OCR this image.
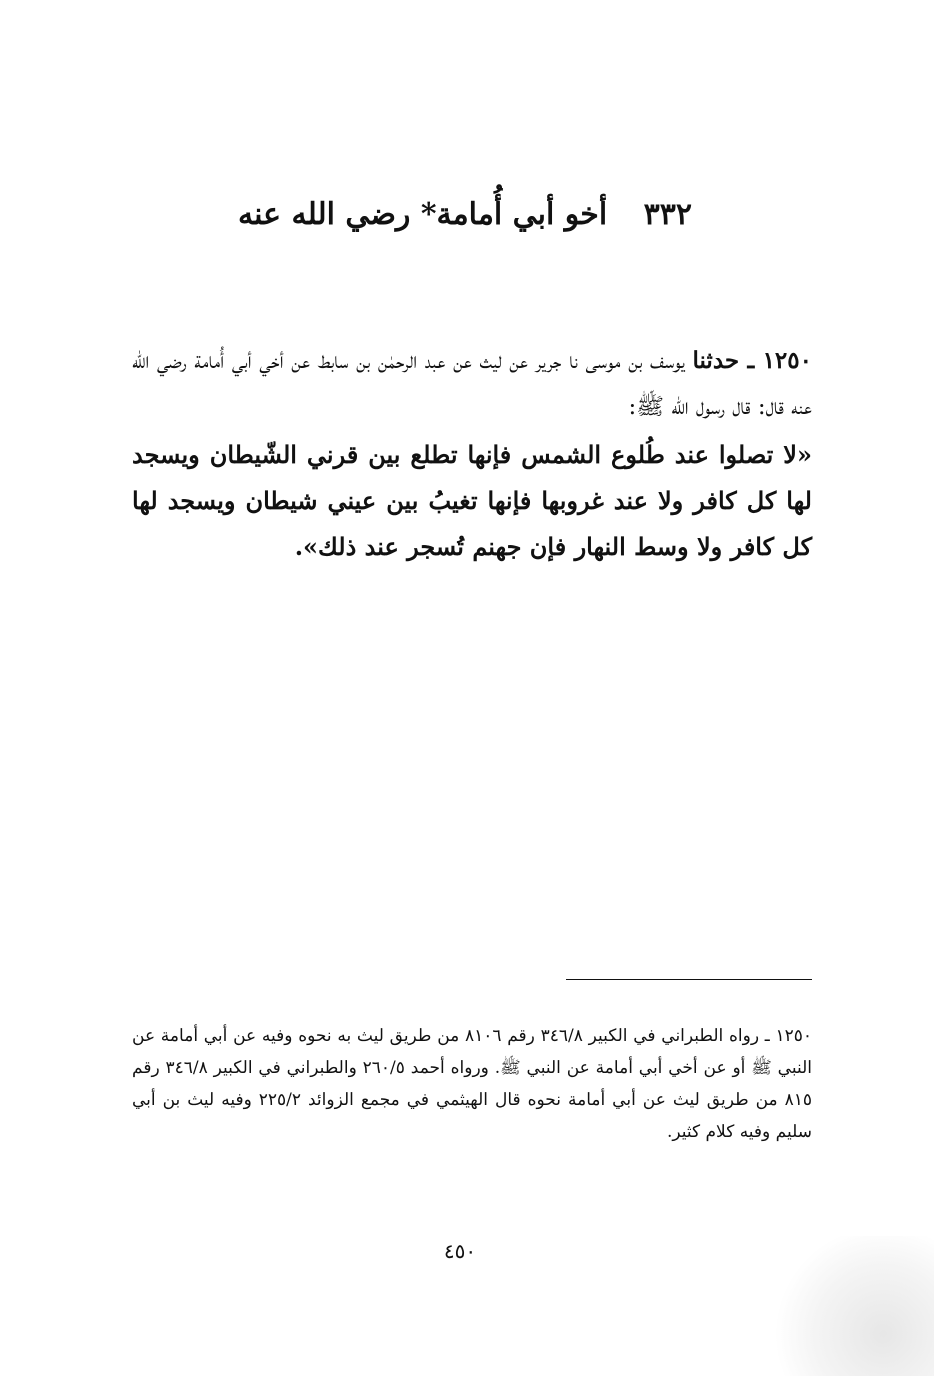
٣٣٢ أخو أبي أُمامة* رضي الله عنه
١٢٥٠ ـ حدثنا يوسف بن موسى نا جرير عن ليث عن عبد الرحمٰن بن سابط عن أخي أبي أُمامة رضي الله عنه قال: قال رسول الله ﷺ:
«لا تصلوا عند طُلوع الشمس فإنها تطلع بين قرني الشّيطان ويسجد لها كل كافر ولا عند غروبها فإنها تغيبُ بين عيني شيطان ويسجد لها كل كافر ولا وسط النهار فإن جهنم تُسجر عند ذلك».
١٢٥٠ ـ رواه الطبراني في الكبير ٣٤٦/٨ رقم ٨١٠٦ من طريق ليث به نحوه وفيه عن أبي أمامة عن النبي ﷺ أو عن أخي أبي أمامة عن النبي ﷺ. ورواه أحمد ٢٦٠/٥ والطبراني في الكبير ٣٤٦/٨ رقم ٨١٥ من طريق ليث عن أبي أمامة نحوه قال الهيثمي في مجمع الزوائد ٢٢٥/٢ وفيه ليث بن أبي سليم وفيه كلام كثير.
٤٥٠
